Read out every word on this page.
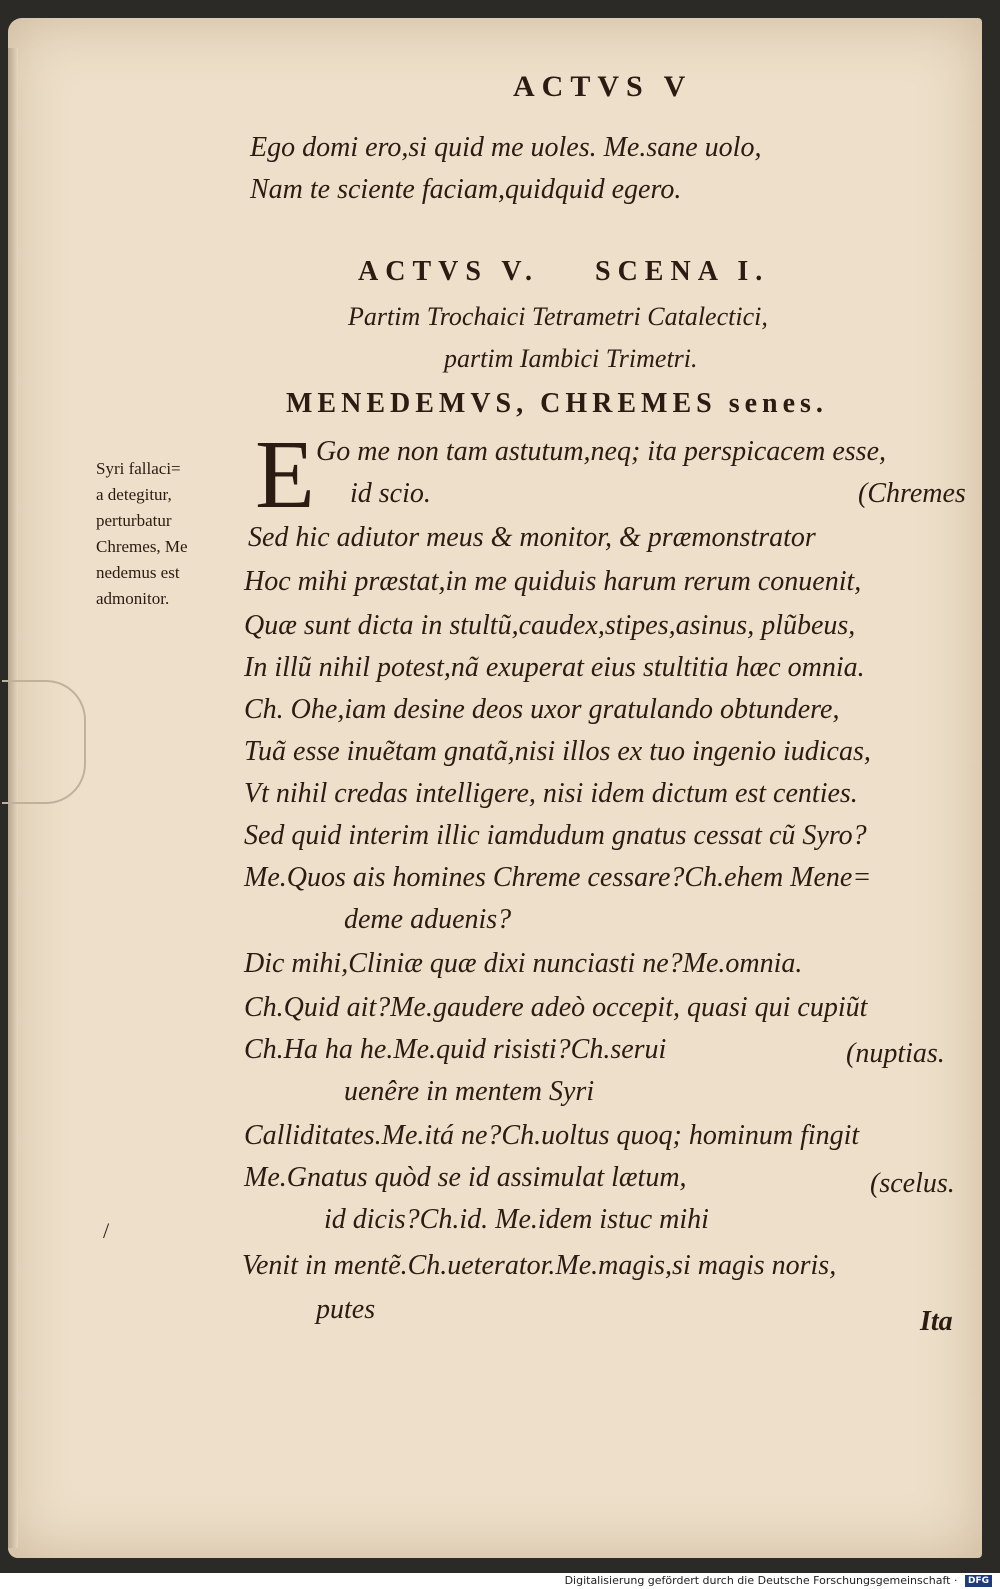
ACTVS V
Ego domi ero,si quid me uoles. Me.sane uolo,
Nam te sciente faciam,quidquid egero.
ACTVS V.    SCENA I.
Partim Trochaici Tetrametri Catalectici,
partim Iambici Trimetri.
MENEDEMVS, CHREMES senes.
Syri fallaci=
a detegitur,
perturbatur
Chremes, Me
nedemus est
admonitor.
E Go me non tam astutum,neq; ita perspicacem esse,
id scio.	(Chremes
Sed hic adiutor meus & monitor, & præmonstrator
Hoc mihi præstat,in me quiduis harum rerum conuenit,
Quæ sunt dicta in stultũ,caudex,stipes,asinus, plũbeus,
In illũ nihil potest,nã exuperat eius stultitia hæc omnia.
Ch. Ohe,iam desine deos uxor gratulando obtundere,
Tuã esse inuẽtam gnatã,nisi illos ex tuo ingenio iudicas,
Vt nihil credas intelligere, nisi idem dictum est centies.
Sed quid interim illic iamdudum gnatus cessat cũ Syro?
Me.Quos ais homines Chreme cessare?Ch.ehem Mene=
deme aduenis?
Dic mihi,Cliniæ quæ dixi nunciasti ne?Me.omnia.
Ch.Quid ait?Me.gaudere adeò occepit, quasi qui cupiũt
Ch.Ha ha he.Me.quid risisti?Ch.serui	(nuptias.
uenêre in mentem Syri
Calliditates.Me.itá ne?Ch.uoltus quoq; hominum fingit
Me.Gnatus quòd se id assimulat lætum,	(scelus.
id dicis?Ch.id. Me.idem istuc mihi
Venit in mentẽ.Ch.ueterator.Me.magis,si magis noris,
putes	Ita
/
Digitalisierung gefördert durch die Deutsche Forschungsgemeinschaft · DFG
